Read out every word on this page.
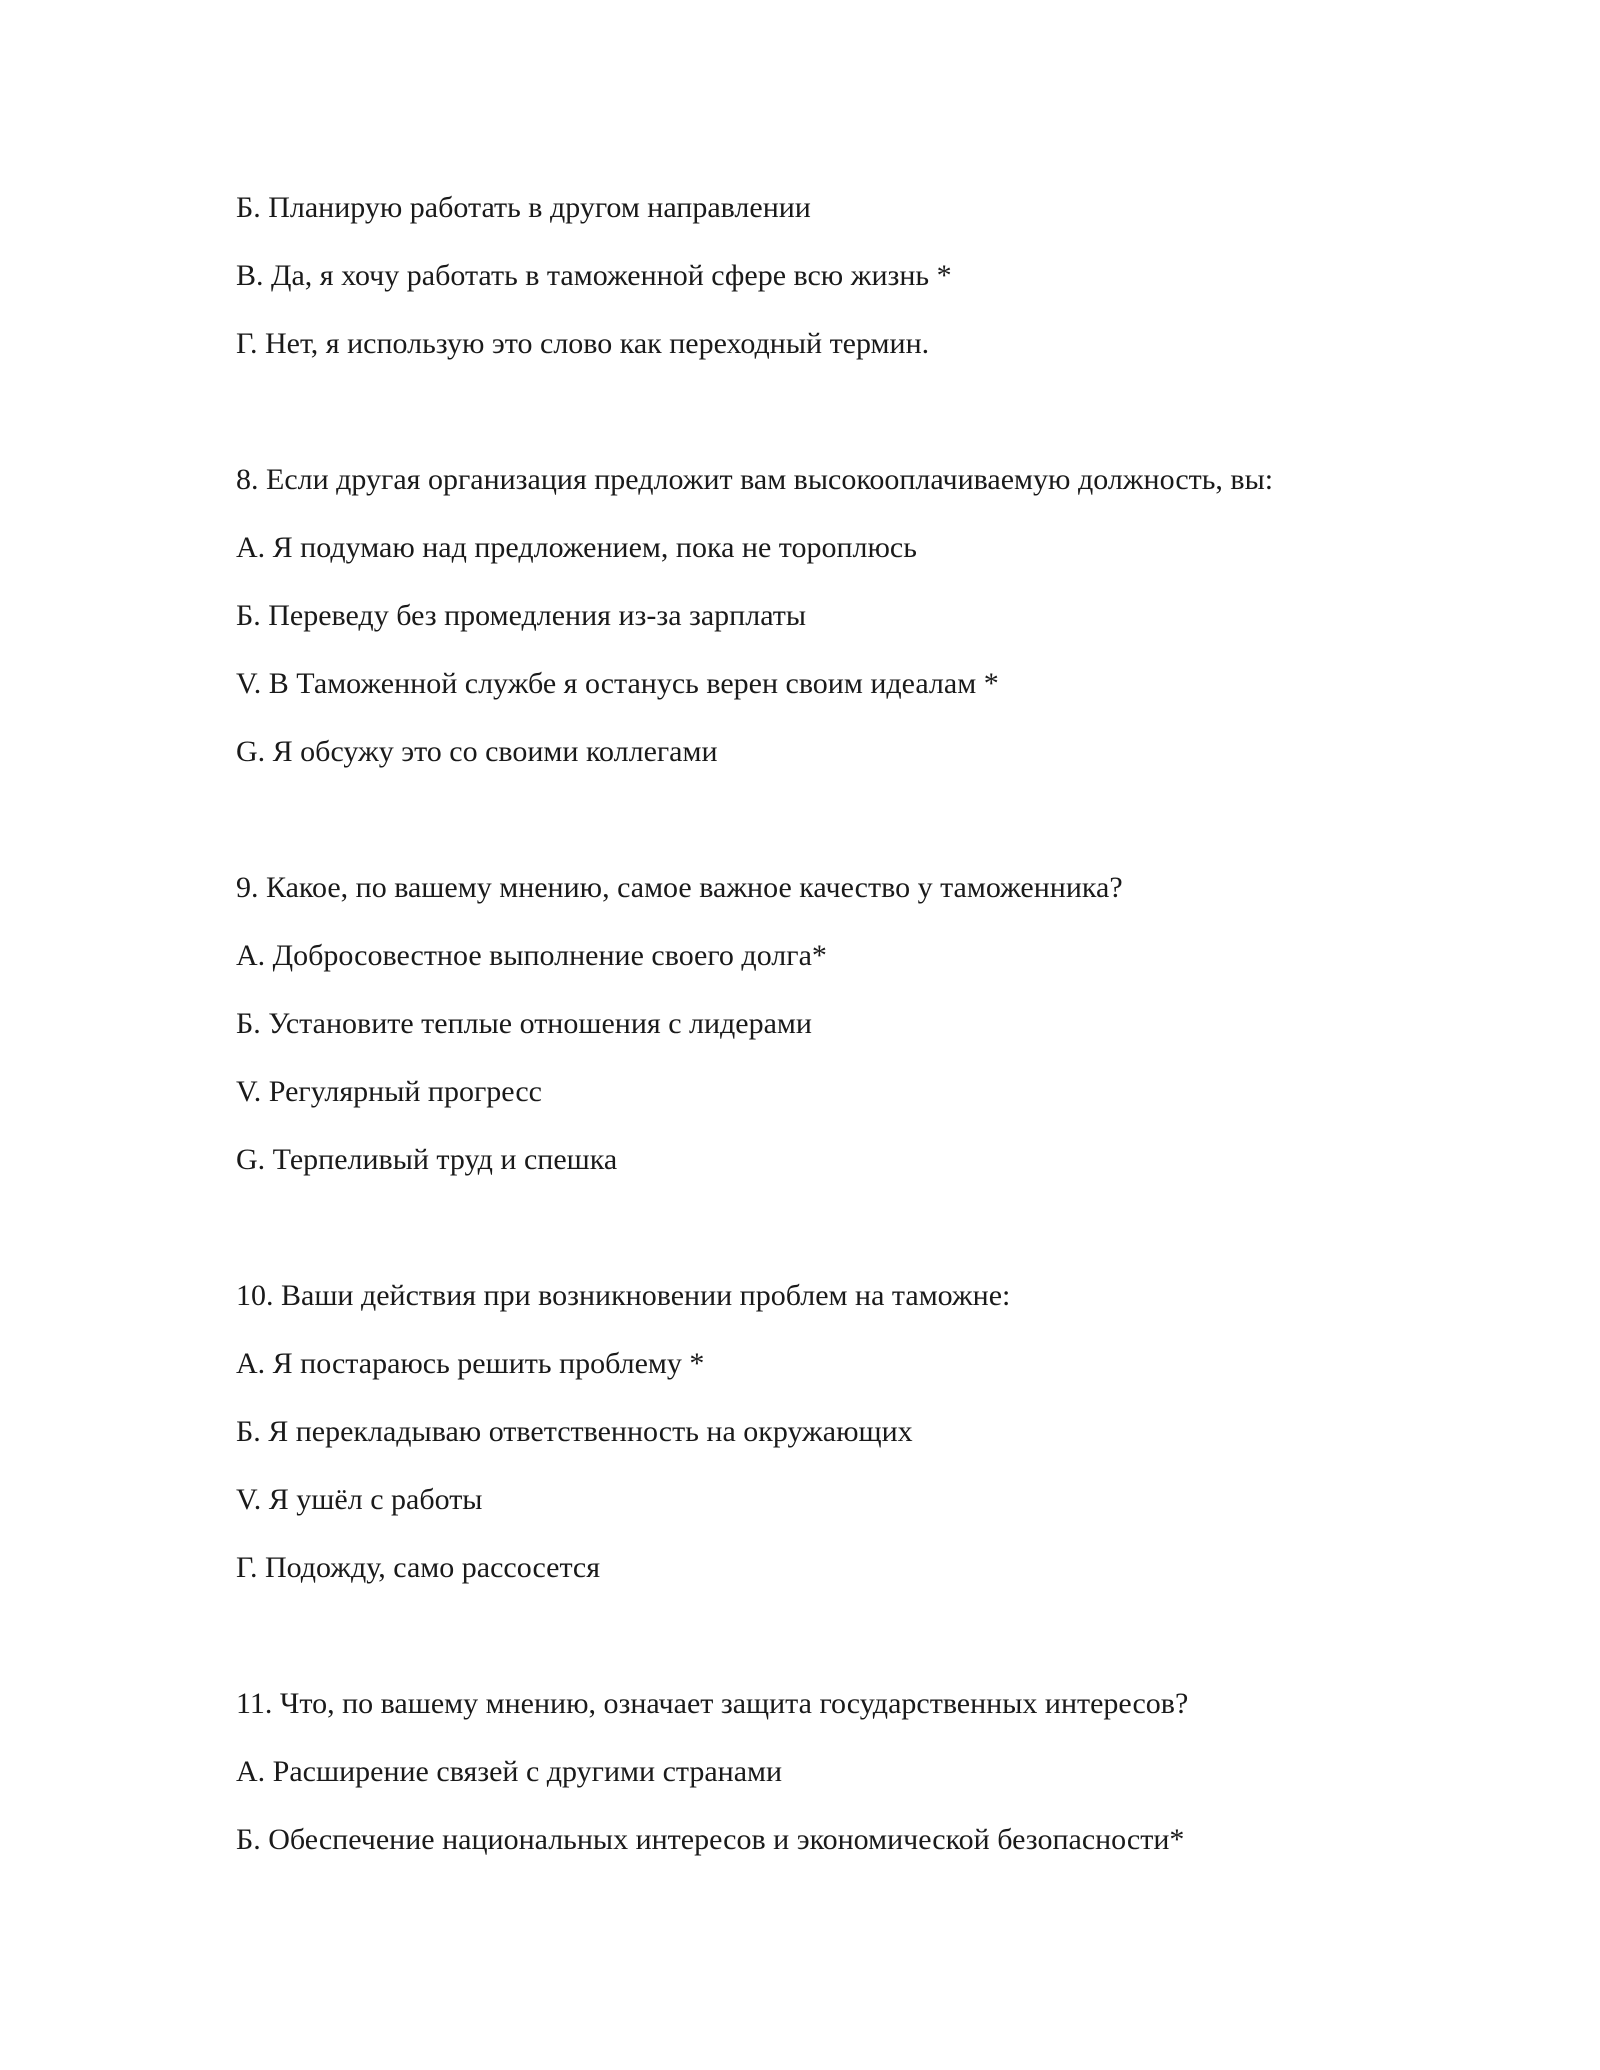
Б. Планирую работать в другом направлении
В. Да, я хочу работать в таможенной сфере всю жизнь *
Г. Нет, я использую это слово как переходный термин.
8. Если другая организация предложит вам высокооплачиваемую должность, вы:
А. Я подумаю над предложением, пока не тороплюсь
Б. Переведу без промедления из-за зарплаты
V. В Таможенной службе я останусь верен своим идеалам *
G. Я обсужу это со своими коллегами
9. Какое, по вашему мнению, самое важное качество у таможенника?
А. Добросовестное выполнение своего долга*
Б. Установите теплые отношения с лидерами
V. Регулярный прогресс
G. Терпеливый труд и спешка
10. Ваши действия при возникновении проблем на таможне:
А. Я постараюсь решить проблему *
Б. Я перекладываю ответственность на окружающих
V. Я ушёл с работы
Г. Подожду, само рассосется
11. Что, по вашему мнению, означает защита государственных интересов?
А. Расширение связей с другими странами
Б. Обеспечение национальных интересов и экономической безопасности*
